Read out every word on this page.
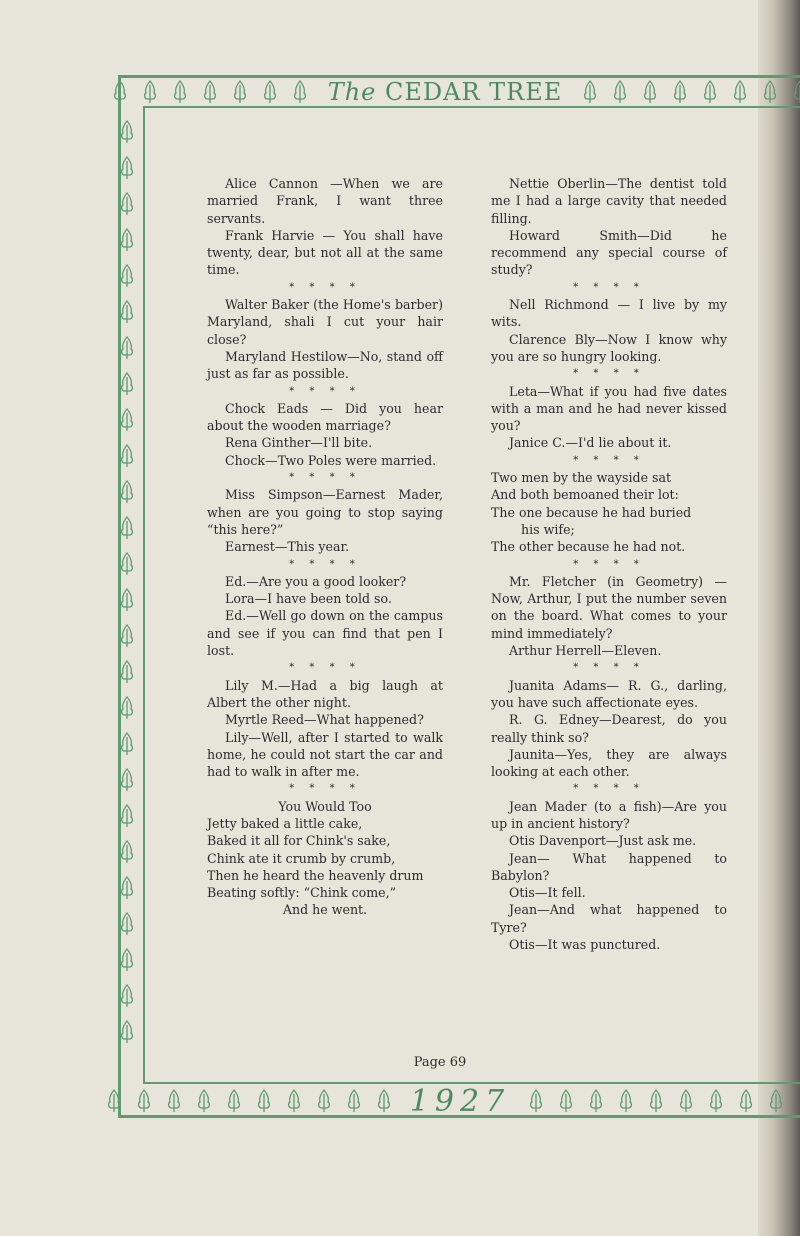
The CEDAR TREE

Alice Cannon —When we are married Frank, I want three servants.

Frank Harvie — You shall have twenty, dear, but not all at the same time.

* * * *

Walter Baker (the Home's barber) Maryland, shali I cut your hair close?

Maryland Hestilow—No, stand off just as far as possible.

* * * *

Chock Eads — Did you hear about the wooden marriage?

Rena Ginther—I'll bite.

Chock—Two Poles were married.

* * * *

Miss Simpson—Earnest Mader, when are you going to stop saying “this here?”

Earnest—This year.

* * * *

Ed.—Are you a good looker?

Lora—I have been told so.

Ed.—Well go down on the campus and see if you can find that pen I lost.

* * * *

Lily M.—Had a big laugh at Albert the other night.

Myrtle Reed—What happened?

Lily—Well, after I started to walk home, he could not start the car and had to walk in after me.

* * * *
You Would Too

Jetty baked a little cake,

Baked it all for Chink's sake,

Chink ate it crumb by crumb,

Then he heard the heavenly drum

Beating softly: “Chink come,”

And he went.

Nettie Oberlin—The dentist told me I had a large cavity that needed filling.

Howard Smith—Did he recommend any special course of study?

* * * *

Nell Richmond — I live by my wits.

Clarence Bly—Now I know why you are so hungry looking.

* * * *

Leta—What if you had five dates with a man and he had never kissed you?

Janice C.—I'd lie about it.

* * * *

Two men by the wayside sat

And both bemoaned their lot:

The one because he had buried

his wife;

The other because he had not.

* * * *

Mr. Fletcher (in Geometry) — Now, Arthur, I put the number seven on the board. What comes to your mind immediately?

Arthur Herrell—Eleven.

* * * *

Juanita Adams— R. G., darling, you have such affectionate eyes.

R. G. Edney—Dearest, do you really think so?

Jaunita—Yes, they are always looking at each other.

* * * *

Jean Mader (to a fish)—Are you up in ancient history?

Otis Davenport—Just ask me.

Jean— What happened to Babylon?

Otis—It fell.

Jean—And what happened to Tyre?

Otis—It was punctured.

Page 69
1927
